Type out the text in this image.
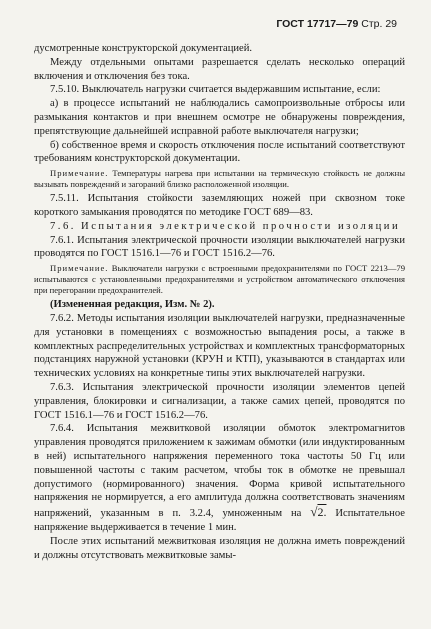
ГОСТ 17717—79 Стр. 29

дусмотренные конструкторской документацией.

Между отдельными опытами разрешается сделать несколько операций включения и отключения без тока.

7.5.10. Выключатель нагрузки считается выдержавшим испытание, если:

а) в процессе испытаний не наблюдались самопроизвольные отбросы или размыкания контактов и при внешнем осмотре не обнаружены повреждения, препятствующие дальнейшей исправной работе выключателя нагрузки;

б) собственное время и скорость отключения после испытаний соответствуют требованиям конструкторской документации.

Примечание. Температуры нагрева при испытании на термическую стойкость не должны вызывать повреждений и загораний близко расположенной изоляции.

7.5.11. Испытания стойкости заземляющих ножей при сквозном токе короткого замыкания проводятся по методике ГОСТ 689—83.

7.6. Испытания электрической прочности изоляции

7.6.1. Испытания электрической прочности изоляции выключателей нагрузки проводятся по ГОСТ 1516.1—76 и ГОСТ 1516.2—76.

Примечание. Выключатели нагрузки с встроенными предохранителями по ГОСТ 2213—79 испытываются с установленными предохранителями и устройством автоматического отключения при перегорании предохранителей.

(Измененная редакция, Изм. № 2).

7.6.2. Методы испытания изоляции выключателей нагрузки, предназначенные для установки в помещениях с возможностью выпадения росы, а также в комплектных распределительных устройствах и комплектных трансформаторных подстанциях наружной установки (КРУН и КТП), указываются в стандартах или технических условиях на конкретные типы этих выключателей нагрузки.

7.6.3. Испытания электрической прочности изоляции элементов цепей управления, блокировки и сигнализации, а также самих цепей, проводятся по ГОСТ 1516.1—76 и ГОСТ 1516.2—76.

7.6.4. Испытания межвитковой изоляции обмоток электромагнитов управления проводятся приложением к зажимам обмотки (или индуктированным в ней) испытательного напряжения переменного тока частоты 50 Гц или повышенной частоты с таким расчетом, чтобы ток в обмотке не превышал допустимого (нормированного) значения. Форма кривой испытательного напряжения не нормируется, а его амплитуда должна соответствовать значениям напряжений, указанным в п. 3.2.4, умноженным на √2. Испытательное напряжение выдерживается в течение 1 мин.

После этих испытаний межвитковая изоляция не должна иметь повреждений и должны отсутствовать межвитковые замы-
